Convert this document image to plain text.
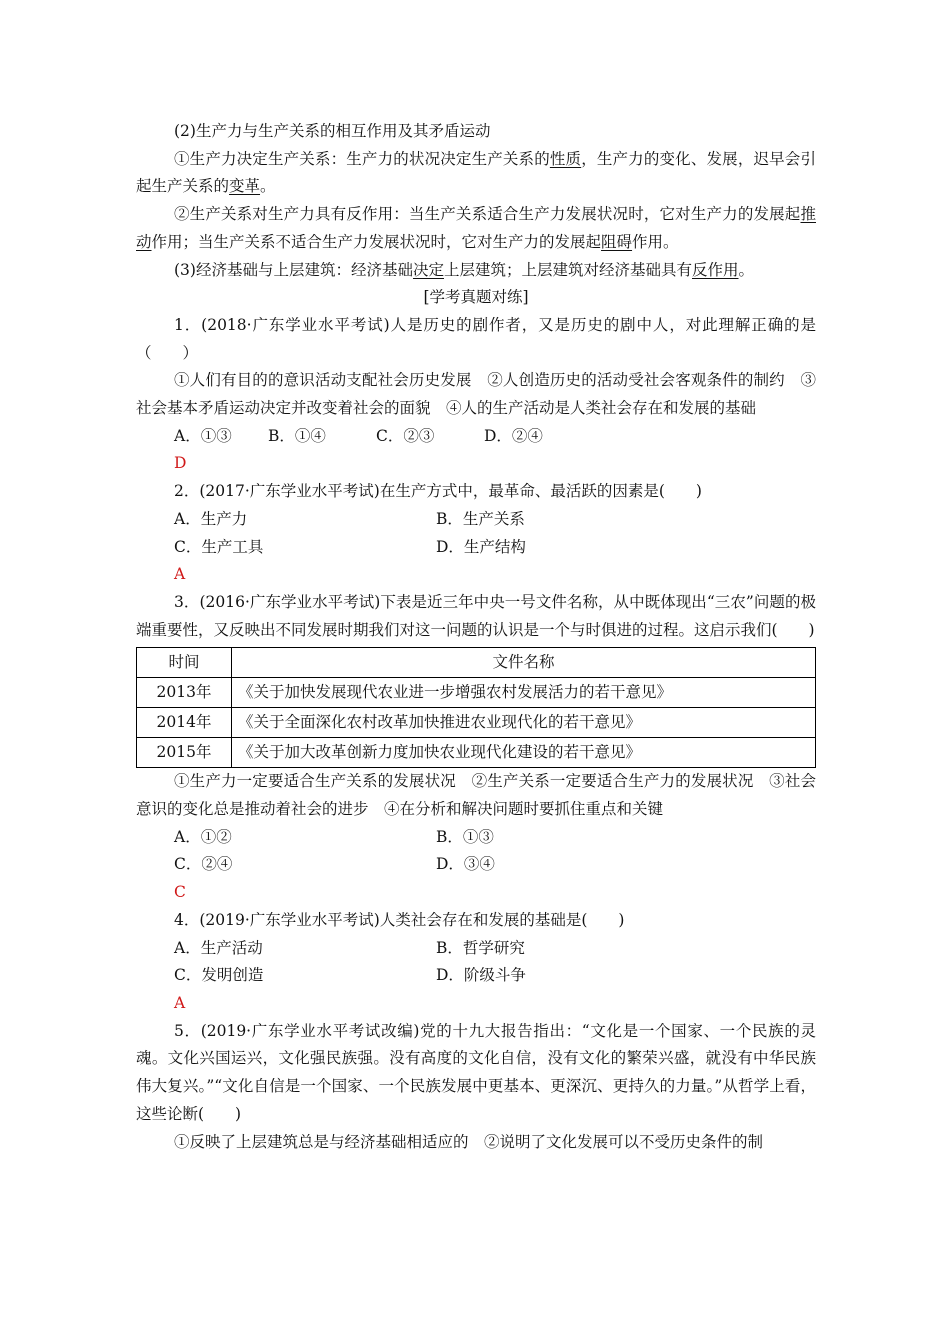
(2)生产力与生产关系的相互作用及其矛盾运动

①生产力决定生产关系：生产力的状况决定生产关系的性质，生产力的变化、发展，迟早会引起生产关系的变革。

②生产关系对生产力具有反作用：当生产关系适合生产力发展状况时，它对生产力的发展起推动作用；当生产关系不适合生产力发展状况时，它对生产力的发展起阻碍作用。

(3)经济基础与上层建筑：经济基础决定上层建筑；上层建筑对经济基础具有反作用。

[学考真题对练]

1．(2018·广东学业水平考试)人是历史的剧作者，又是历史的剧中人，对此理解正确的是（　　）

①人们有目的的意识活动支配社会历史发展　②人创造历史的活动受社会客观条件的制约　③社会基本矛盾运动决定并改变着社会的面貌　④人的生产活动是人类社会存在和发展的基础

A．①③	B．①④	C．②③	D．②④

D

2．(2017·广东学业水平考试)在生产方式中，最革命、最活跃的因素是(　　)

A．生产力	B．生产关系
C．生产工具	D．生产结构

A

3．(2016·广东学业水平考试)下表是近三年中央一号文件名称，从中既体现出“三农”问题的极端重要性，又反映出不同发展时期我们对这一问题的认识是一个与时俱进的过程。这启示我们(　　)

时间	文件名称
2013年	《关于加快发展现代农业进一步增强农村发展活力的若干意见》
2014年	《关于全面深化农村改革加快推进农业现代化的若干意见》
2015年	《关于加大改革创新力度加快农业现代化建设的若干意见》

①生产力一定要适合生产关系的发展状况　②生产关系一定要适合生产力的发展状况　③社会意识的变化总是推动着社会的进步　④在分析和解决问题时要抓住重点和关键

A．①②	B．①③
C．②④	D．③④

C

4．(2019·广东学业水平考试)人类社会存在和发展的基础是(　　)

A．生产活动	B．哲学研究
C．发明创造	D．阶级斗争

A

5．(2019·广东学业水平考试改编)党的十九大报告指出：“文化是一个国家、一个民族的灵魂。文化兴国运兴，文化强民族强。没有高度的文化自信，没有文化的繁荣兴盛，就没有中华民族伟大复兴。”“文化自信是一个国家、一个民族发展中更基本、更深沉、更持久的力量。”从哲学上看，这些论断(　　)

①反映了上层建筑总是与经济基础相适应的　②说明了文化发展可以不受历史条件的制
